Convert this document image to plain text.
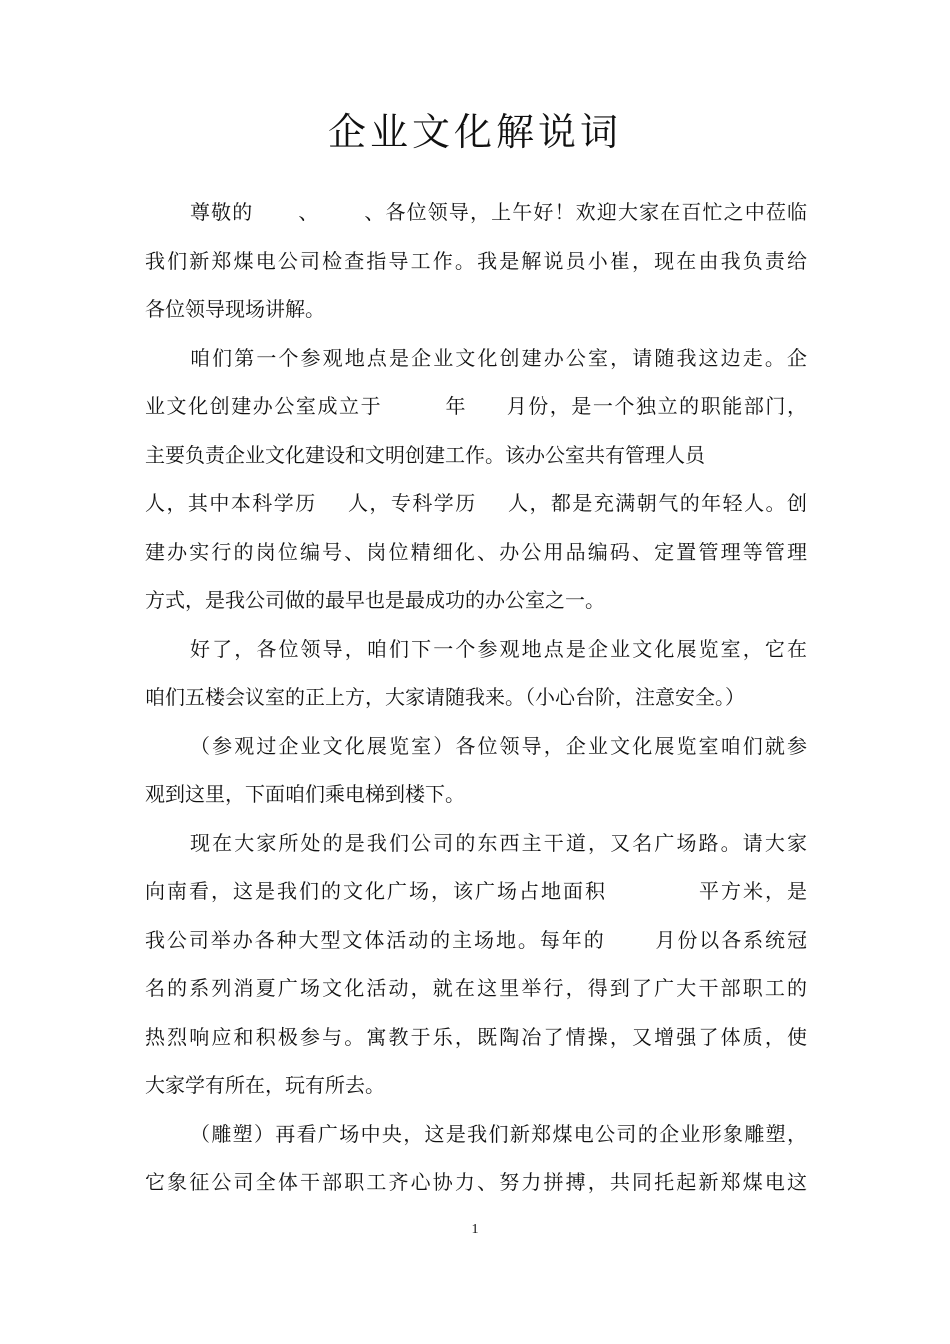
企业文化解说词
尊敬的      、      、各位领导，上午好！欢迎大家在百忙之中莅临
我们新郑煤电公司检查指导工作。我是解说员小崔，现在由我负责给
各位领导现场讲解。
咱们第一个参观地点是企业文化创建办公室，请随我这边走。企
业文化创建办公室成立于        年     月份，是一个独立的职能部门，
主要负责企业文化建设和文明创建工作。该办公室共有管理人员
人，其中本科学历    人，专科学历    人，都是充满朝气的年轻人。创
建办实行的岗位编号、岗位精细化、办公用品编码、定置管理等管理
方式，是我公司做的最早也是最成功的办公室之一。
好了，各位领导，咱们下一个参观地点是企业文化展览室，它在
咱们五楼会议室的正上方，大家请随我来。（小心台阶，注意安全。）
（参观过企业文化展览室）各位领导，企业文化展览室咱们就参
观到这里，下面咱们乘电梯到楼下。
现在大家所处的是我们公司的东西主干道，又名广场路。请大家
向南看，这是我们的文化广场，该广场占地面积           平方米，是
我公司举办各种大型文体活动的主场地。每年的      月份以各系统冠
名的系列消夏广场文化活动，就在这里举行，得到了广大干部职工的
热烈响应和积极参与。寓教于乐，既陶冶了情操，又增强了体质，使
大家学有所在，玩有所去。
（雕塑）再看广场中央，这是我们新郑煤电公司的企业形象雕塑，
它象征公司全体干部职工齐心协力、努力拼搏，共同托起新郑煤电这
1
